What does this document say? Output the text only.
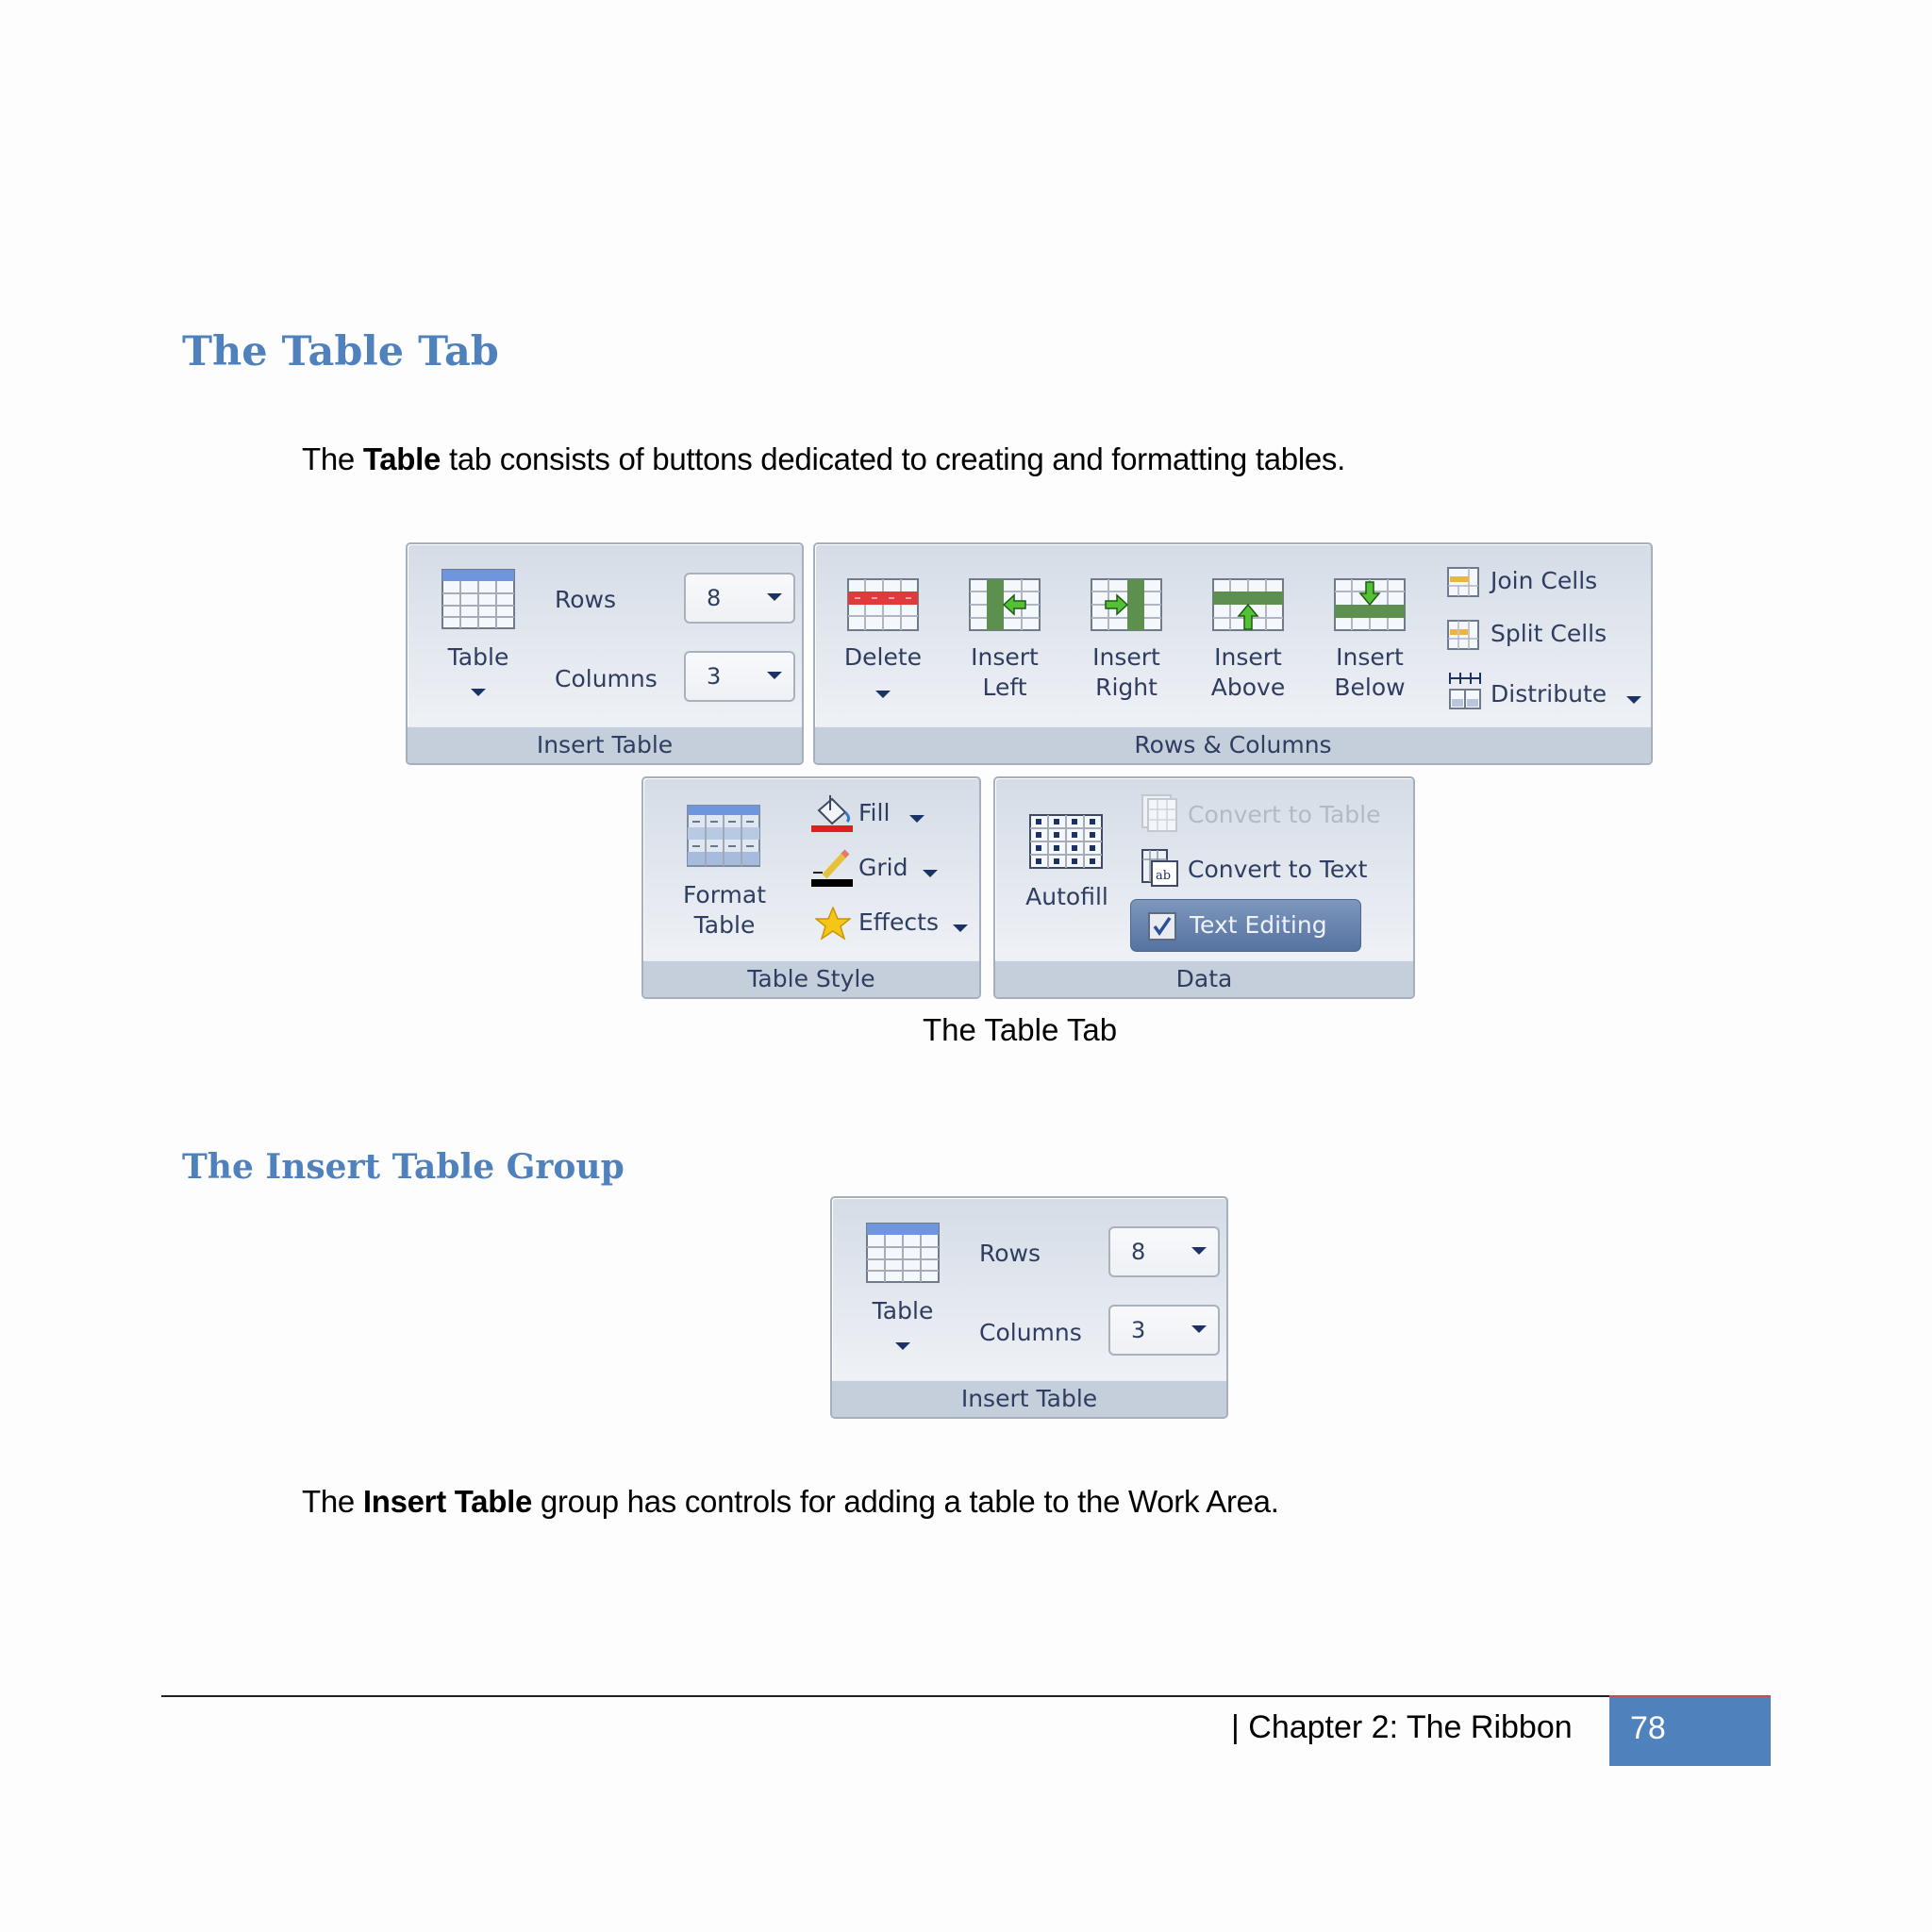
The Table Tab
The Table tab consists of buttons dedicated to creating and formatting tables.
Table
Rows	8
Columns 3
Insert Table
Delete	Insert
Left
Insert
Right
Insert
Above
Insert
Below
Join Cells
Split Cells
Distribute
Rows & Columns
Format
Table
Fill
Grid
Effects
Table Style
Autofill
Convert to Table
ab Convert to Text
Text Editing
Data
The Table Tab
The Insert Table Group
Table
Rows	8
Columns 3
Insert Table
The Insert Table group has controls for adding a table to the Work Area.
| Chapter 2: The Ribbon 78
